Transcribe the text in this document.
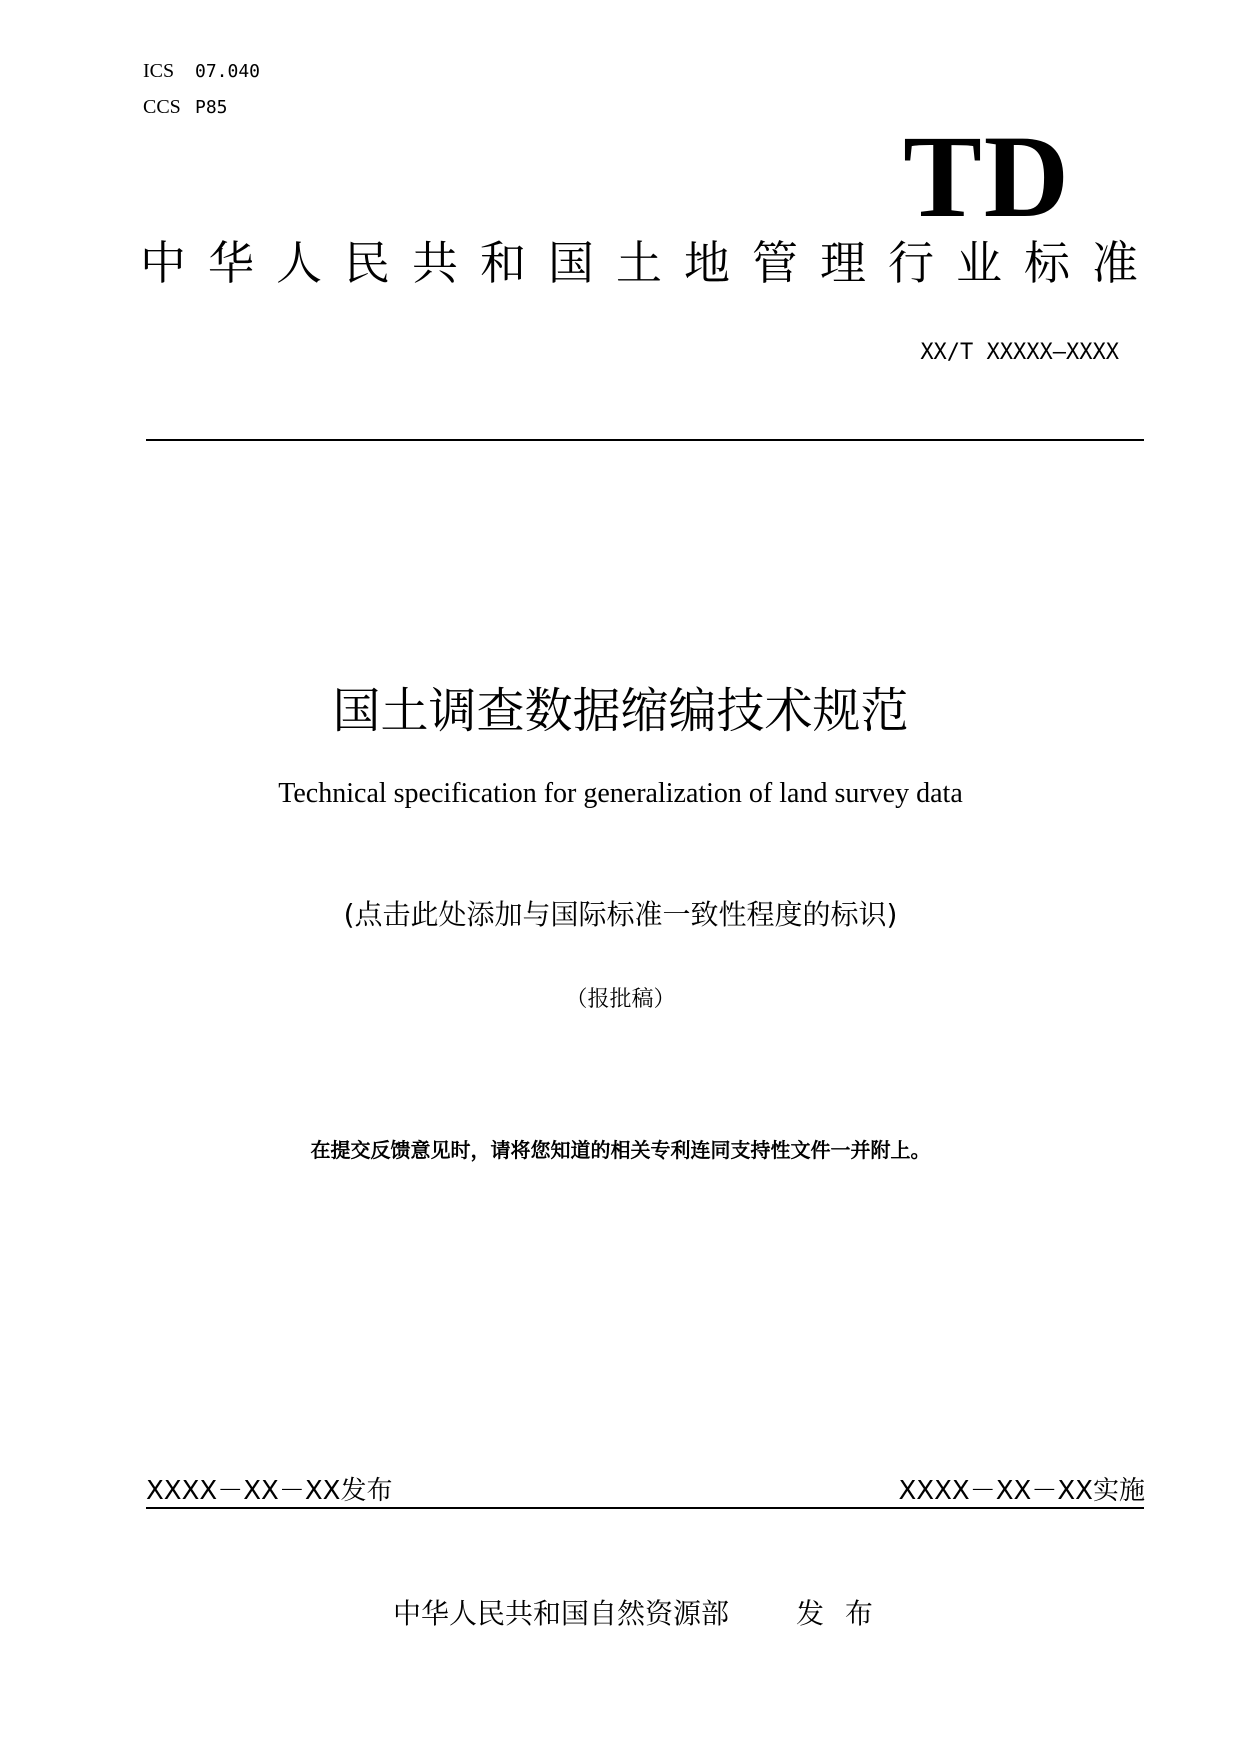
ICS 07.040
CCS P85
TD
中华人民共和国土地管理行业标准
XX/T XXXXX—XXXX
国土调查数据缩编技术规范
Technical specification for generalization of land survey data
(点击此处添加与国际标准一致性程度的标识)
（报批稿）
在提交反馈意见时，请将您知道的相关专利连同支持性文件一并附上。
XXXX－XX－XX发布	XXXX－XX－XX实施
中华人民共和国自然资源部 发 布
